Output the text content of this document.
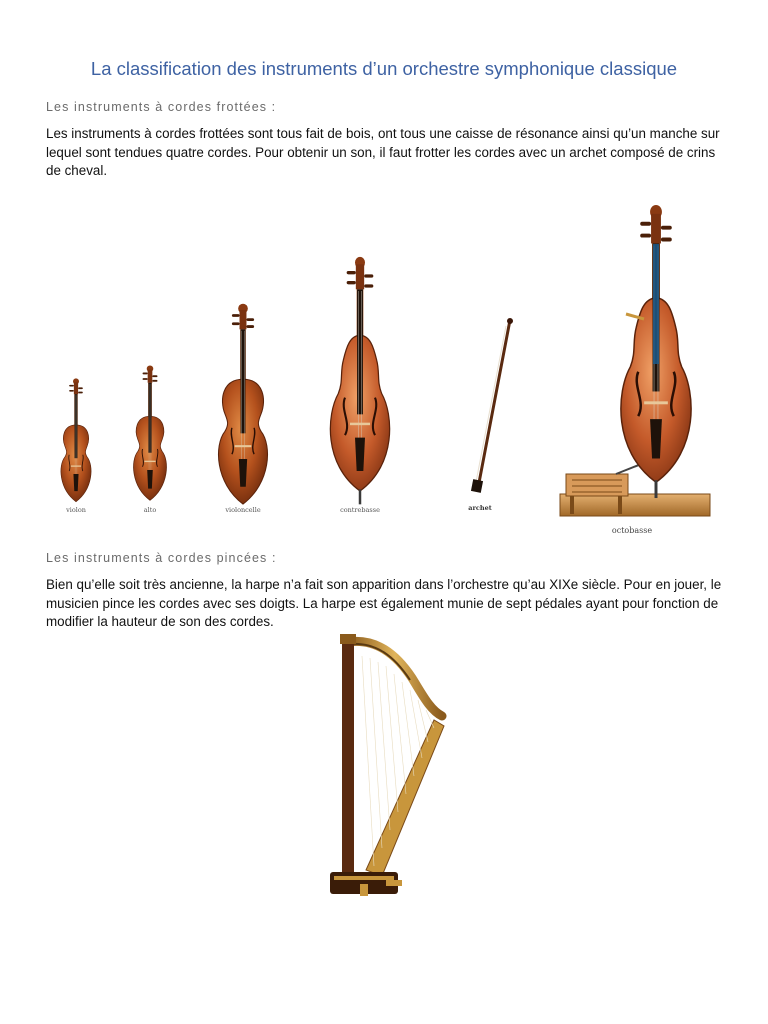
La classification des instruments d’un orchestre symphonique classique
Les instruments à cordes frottées :
Les instruments à cordes frottées sont tous fait de bois, ont tous une caisse de résonance ainsi qu’un manche sur lequel sont tendues quatre cordes. Pour obtenir un son, il faut frotter les cordes avec un archet composé de crins de cheval.
violon	alto	violoncelle	contrebasse	archet
octobasse
Les instruments à cordes pincées :
Bien qu’elle soit très ancienne, la harpe n’a fait son apparition dans l’orchestre qu’au XIXe siècle. Pour en jouer, le musicien pince les cordes avec ses doigts. La harpe est également munie de sept pédales ayant pour fonction de modifier la hauteur de son des cordes.
